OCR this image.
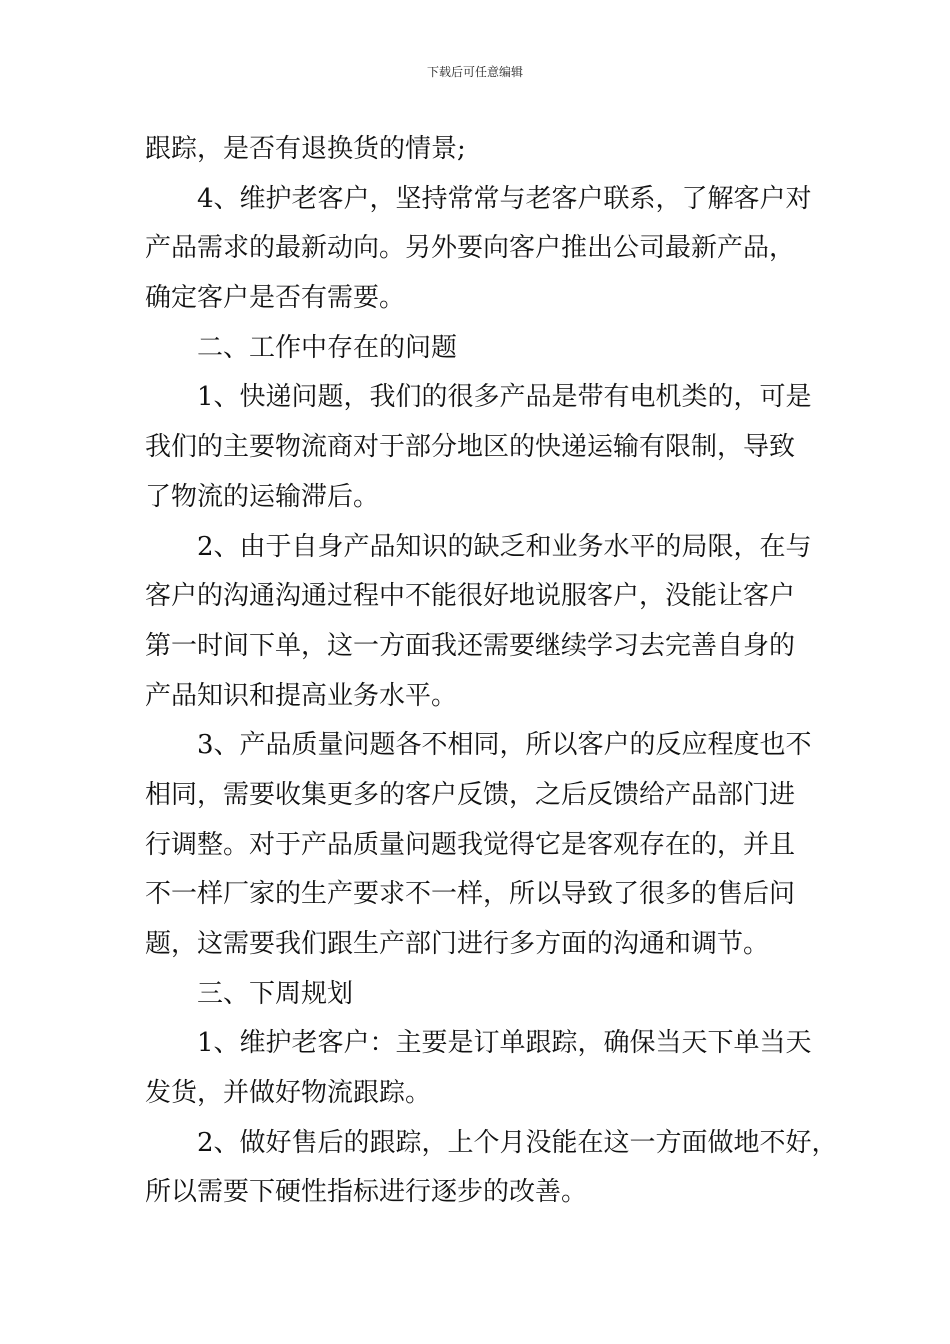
下载后可任意编辑
跟踪，是否有退换货的情景;
4、维护老客户，坚持常常与老客户联系，了解客户对
产品需求的最新动向。另外要向客户推出公司最新产品，
确定客户是否有需要。
二、工作中存在的问题
1、快递问题，我们的很多产品是带有电机类的，可是
我们的主要物流商对于部分地区的快递运输有限制，导致
了物流的运输滞后。
2、由于自身产品知识的缺乏和业务水平的局限，在与
客户的沟通沟通过程中不能很好地说服客户，没能让客户
第一时间下单，这一方面我还需要继续学习去完善自身的
产品知识和提高业务水平。
3、产品质量问题各不相同，所以客户的反应程度也不
相同，需要收集更多的客户反馈，之后反馈给产品部门进
行调整。对于产品质量问题我觉得它是客观存在的，并且
不一样厂家的生产要求不一样，所以导致了很多的售后问
题，这需要我们跟生产部门进行多方面的沟通和调节。
三、下周规划
1、维护老客户：主要是订单跟踪，确保当天下单当天
发货，并做好物流跟踪。
2、做好售后的跟踪，上个月没能在这一方面做地不好，
所以需要下硬性指标进行逐步的改善。
